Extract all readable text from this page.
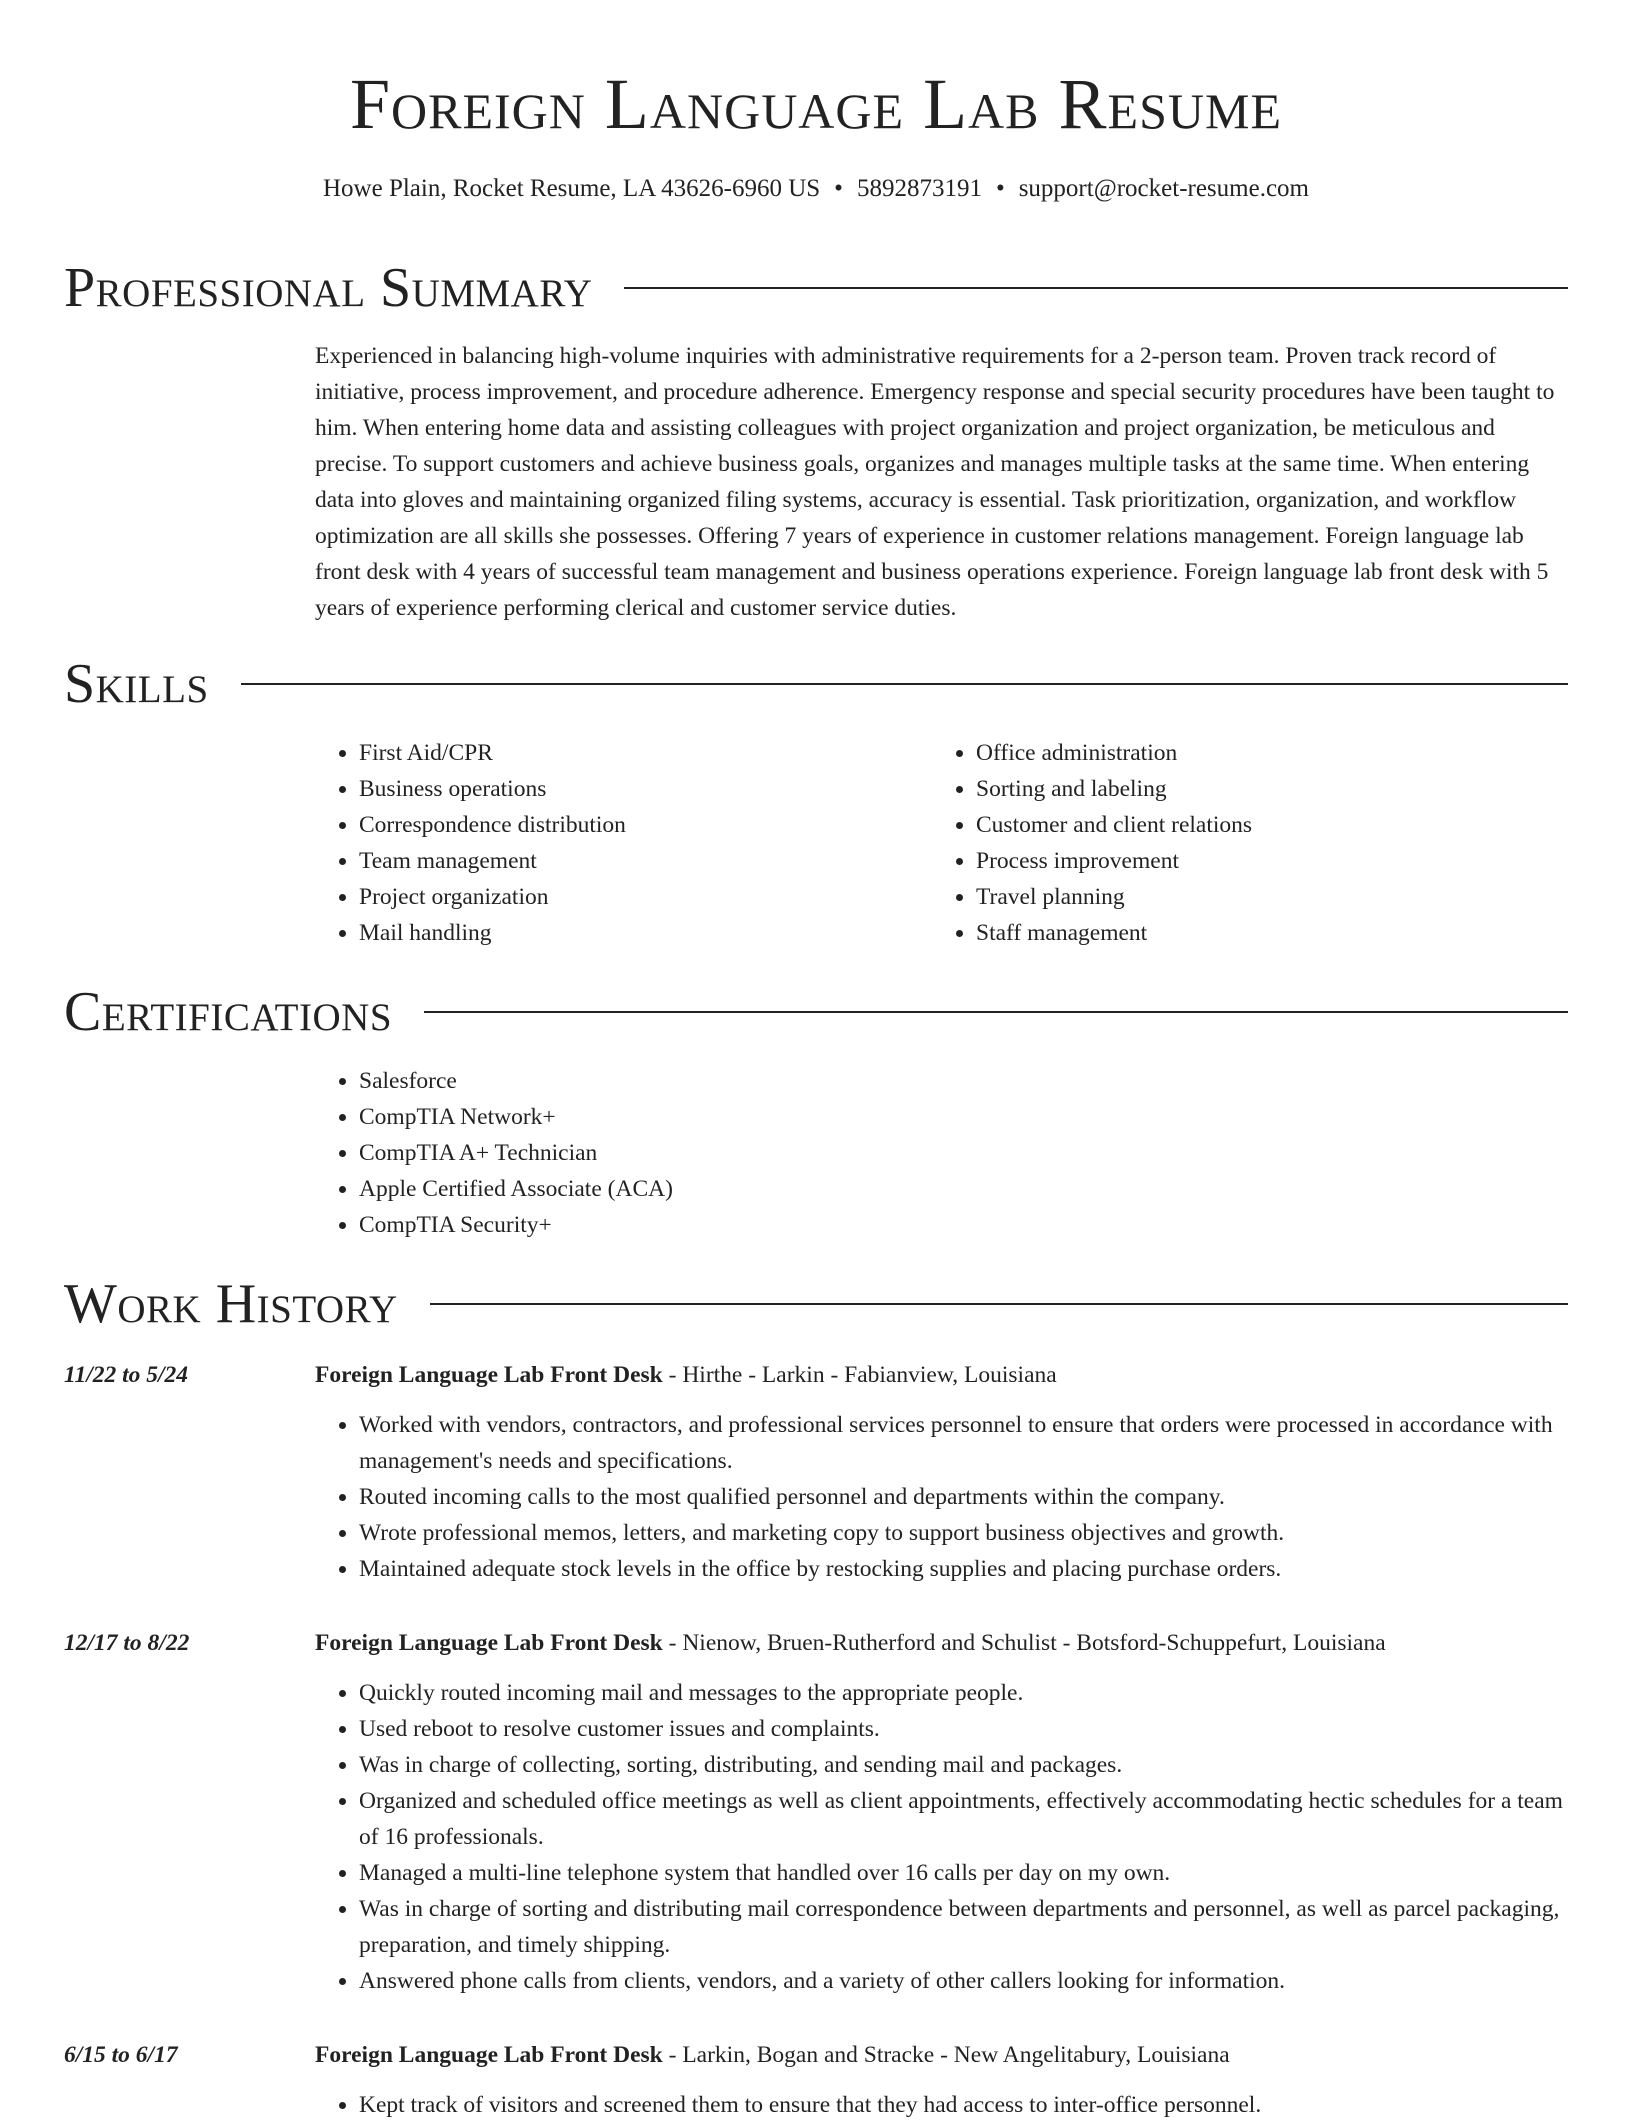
Foreign Language Lab Resume
Howe Plain, Rocket Resume, LA 43626-6960 US • 5892873191 • support@rocket-resume.com
Professional Summary

Experienced in balancing high-volume inquiries with administrative requirements for a 2-person team. Proven track record of initiative, process improvement, and procedure adherence. Emergency response and special security procedures have been taught to him. When entering home data and assisting colleagues with project organization and project organization, be meticulous and precise. To support customers and achieve business goals, organizes and manages multiple tasks at the same time. When entering data into gloves and maintaining organized filing systems, accuracy is essential. Task prioritization, organization, and workflow optimization are all skills she possesses. Offering 7 years of experience in customer relations management. Foreign language lab front desk with 4 years of successful team management and business operations experience. Foreign language lab front desk with 5 years of experience performing clerical and customer service duties.

Skills
• First Aid/CPR
• Business operations
• Correspondence distribution
• Team management
• Project organization
• Mail handling
• Office administration
• Sorting and labeling
• Customer and client relations
• Process improvement
• Travel planning
• Staff management
Certifications
• Salesforce
• CompTIA Network+
• CompTIA A+ Technician
• Apple Certified Associate (ACA)
• CompTIA Security+
Work History
11/22 to 5/24	Foreign Language Lab Front Desk - Hirthe - Larkin - Fabianview, Louisiana
• Worked with vendors, contractors, and professional services personnel to ensure that orders were processed in accordance with management's needs and specifications.
• Routed incoming calls to the most qualified personnel and departments within the company.
• Wrote professional memos, letters, and marketing copy to support business objectives and growth.
• Maintained adequate stock levels in the office by restocking supplies and placing purchase orders.
12/17 to 8/22	Foreign Language Lab Front Desk - Nienow, Bruen-Rutherford and Schulist - Botsford-Schuppefurt, Louisiana
• Quickly routed incoming mail and messages to the appropriate people.
• Used reboot to resolve customer issues and complaints.
• Was in charge of collecting, sorting, distributing, and sending mail and packages.
• Organized and scheduled office meetings as well as client appointments, effectively accommodating hectic schedules for a team of 16 professionals.
• Managed a multi-line telephone system that handled over 16 calls per day on my own.
• Was in charge of sorting and distributing mail correspondence between departments and personnel, as well as parcel packaging, preparation, and timely shipping.
• Answered phone calls from clients, vendors, and a variety of other callers looking for information.
6/15 to 6/17	Foreign Language Lab Front Desk - Larkin, Bogan and Stracke - New Angelitabury, Louisiana
• Kept track of visitors and screened them to ensure that they had access to inter-office personnel.
